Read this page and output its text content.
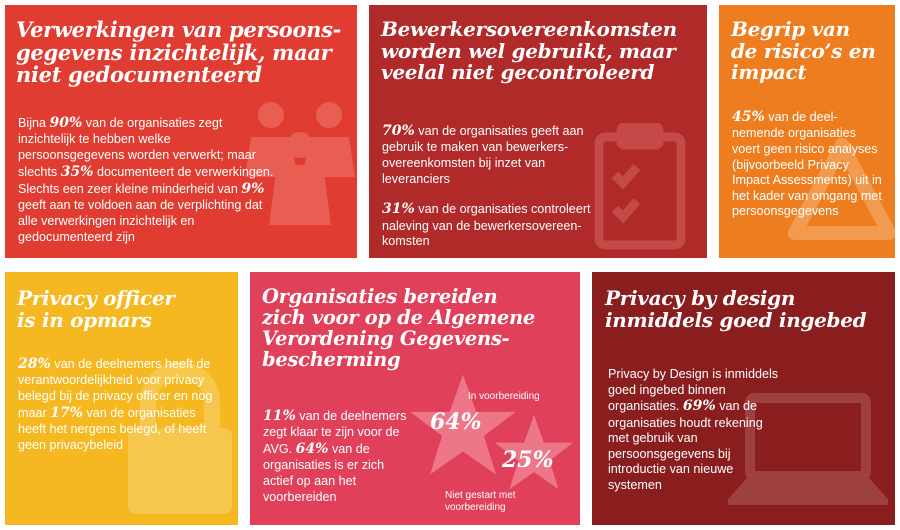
Verwerkingen van persoons-
gegevens inzichtelijk, maar
niet gedocumenteerd
Bijna 90% van de organisaties zegt inzichtelijk te hebben welke persoonsgegevens worden verwerkt; maar slechts 35% documenteert de verwerkingen. Slechts een zeer kleine minderheid van 9% geeft aan te voldoen aan de verplichting dat alle verwerkingen inzichtelijk en gedocumenteerd zijn
Bewerkersovereenkomsten
worden wel gebruikt, maar
veelal niet gecontroleerd
70% van de organisaties geeft aan gebruik te maken van bewerkers-overeenkomsten bij inzet van leveranciers
31% van de organisaties controleert naleving van de bewerkersovereen-komsten
Begrip van
de risico’s en
impact
45% van de deel-nemende organisaties voert geen risico analyses (bijvoorbeeld Privacy Impact Assessments) uit in het kader van omgang met persoonsgegevens
Privacy officer
is in opmars
28% van de deelnemers heeft de verantwoordelijkheid voor privacy belegd bij de privacy officer en nog maar 17% van de organisaties heeft het nergens belegd, of heeft geen privacybeleid
Organisaties bereiden
zich voor op de Algemene
Verordening Gegevens-
bescherming
In voorbereiding
64%
25%
Niet gestart met voorbereiding
11% van de deelnemers zegt klaar te zijn voor de AVG. 64% van de organisaties is er zich actief op aan het voorbereiden
Privacy by design
inmiddels goed ingebed
Privacy by Design is inmiddels goed ingebed binnen organisaties. 69% van de organisaties houdt rekening met gebruik van persoonsgegevens bij introductie van nieuwe systemen
